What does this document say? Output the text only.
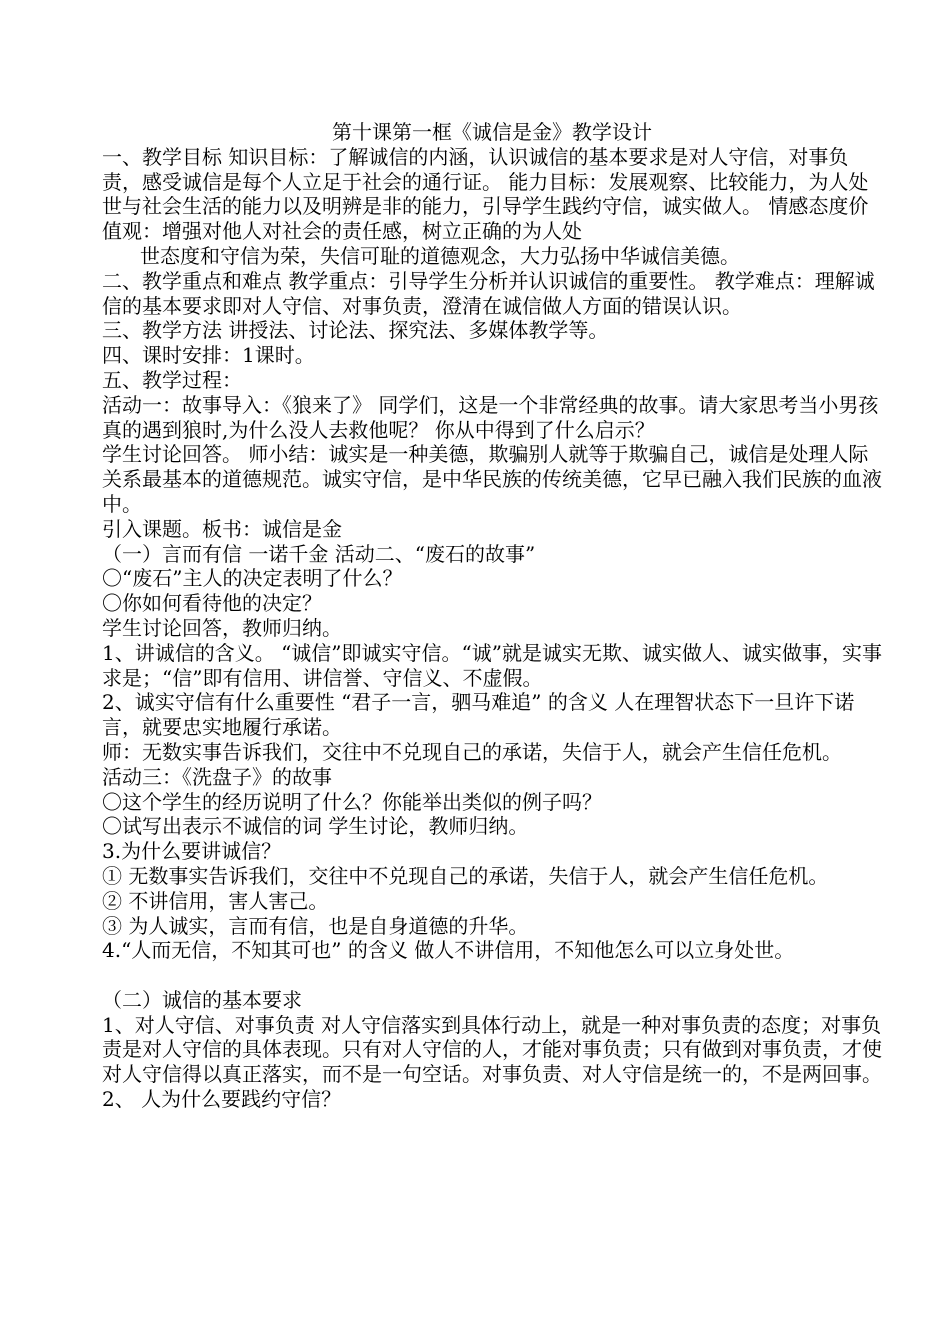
第十课第一框《诚信是金》教学设计

一、教学目标 知识目标：了解诚信的内涵，认识诚信的基本要求是对人守信，对事负责，感受诚信是每个人立足于社会的通行证。 能力目标：发展观察、比较能力，为人处世与社会生活的能力以及明辨是非的能力，引导学生践约守信，诚实做人。 情感态度价值观：增强对他人对社会的责任感，树立正确的为人处

世态度和守信为荣，失信可耻的道德观念，大力弘扬中华诚信美德。

二、教学重点和难点 教学重点：引导学生分析并认识诚信的重要性。 教学难点：理解诚信的基本要求即对人守信、对事负责，澄清在诚信做人方面的错误认识。

三、教学方法 讲授法、讨论法、探究法、多媒体教学等。

四、课时安排：1课时。

五、教学过程：

活动一：故事导入：《狼来了》 同学们，这是一个非常经典的故事。请大家思考当小男孩真的遇到狼时,为什么没人去救他呢？ 你从中得到了什么启示？

学生讨论回答。 师小结：诚实是一种美德，欺骗别人就等于欺骗自己，诚信是处理人际关系最基本的道德规范。诚实守信，是中华民族的传统美德，它早已融入我们民族的血液中。

引入课题。板书：诚信是金

（一）言而有信 一诺千金 活动二、“废石的故事”

〇“废石”主人的决定表明了什么？

〇你如何看待他的决定？

学生讨论回答，教师归纳。

1、讲诚信的含义。 “诚信”即诚实守信。“诚”就是诚实无欺、诚实做人、诚实做事，实事求是；“信”即有信用、讲信誉、守信义、不虚假。

2、诚实守信有什么重要性 “君子一言，驷马难追” 的含义 人在理智状态下一旦许下诺言，就要忠实地履行承诺。

师：无数实事告诉我们，交往中不兑现自己的承诺，失信于人，就会产生信任危机。

活动三：《洗盘子》的故事

〇这个学生的经历说明了什么？你能举出类似的例子吗？

〇试写出表示不诚信的词 学生讨论，教师归纳。

3.为什么要讲诚信？

① 无数事实告诉我们，交往中不兑现自己的承诺，失信于人，就会产生信任危机。

② 不讲信用，害人害己。

③ 为人诚实，言而有信，也是自身道德的升华。

4.“人而无信，不知其可也” 的含义 做人不讲信用，不知他怎么可以立身处世。

（二）诚信的基本要求

1、对人守信、对事负责 对人守信落实到具体行动上，就是一种对事负责的态度；对事负责是对人守信的具体表现。只有对人守信的人，才能对事负责；只有做到对事负责，才使对人守信得以真正落实，而不是一句空话。对事负责、对人守信是统一的，不是两回事。

2、 人为什么要践约守信？
